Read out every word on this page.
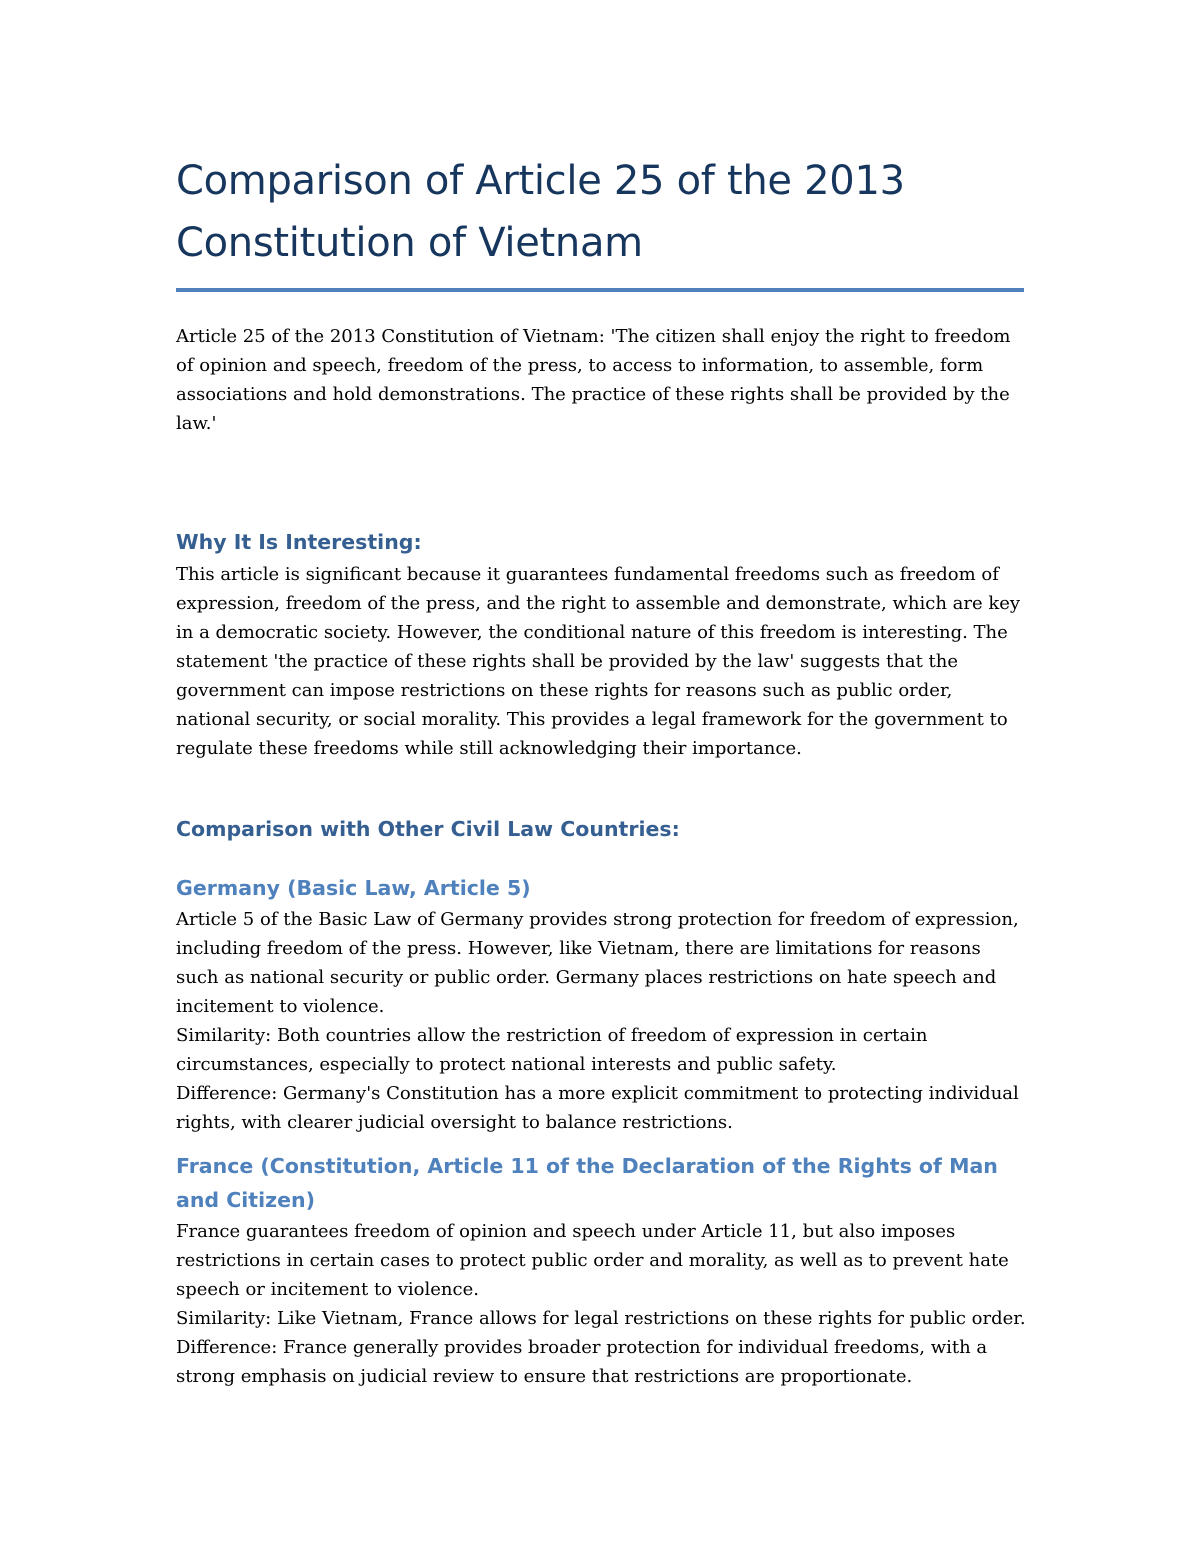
Comparison of Article 25 of the 2013 Constitution of Vietnam

Article 25 of the 2013 Constitution of Vietnam: 'The citizen shall enjoy the right to freedom of opinion and speech, freedom of the press, to access to information, to assemble, form associations and hold demonstrations. The practice of these rights shall be provided by the law.'

Why It Is Interesting:

This article is significant because it guarantees fundamental freedoms such as freedom of expression, freedom of the press, and the right to assemble and demonstrate, which are key in a democratic society. However, the conditional nature of this freedom is interesting. The statement 'the practice of these rights shall be provided by the law' suggests that the government can impose restrictions on these rights for reasons such as public order, national security, or social morality. This provides a legal framework for the government to regulate these freedoms while still acknowledging their importance.

Comparison with Other Civil Law Countries:
Germany (Basic Law, Article 5)
Article 5 of the Basic Law of Germany provides strong protection for freedom of expression, including freedom of the press. However, like Vietnam, there are limitations for reasons such as national security or public order. Germany places restrictions on hate speech and incitement to violence.
Similarity: Both countries allow the restriction of freedom of expression in certain circumstances, especially to protect national interests and public safety.
Difference: Germany's Constitution has a more explicit commitment to protecting individual rights, with clearer judicial oversight to balance restrictions.
France (Constitution, Article 11 of the Declaration of the Rights of Man and Citizen)
France guarantees freedom of opinion and speech under Article 11, but also imposes restrictions in certain cases to protect public order and morality, as well as to prevent hate speech or incitement to violence.
Similarity: Like Vietnam, France allows for legal restrictions on these rights for public order.
Difference: France generally provides broader protection for individual freedoms, with a strong emphasis on judicial review to ensure that restrictions are proportionate.
